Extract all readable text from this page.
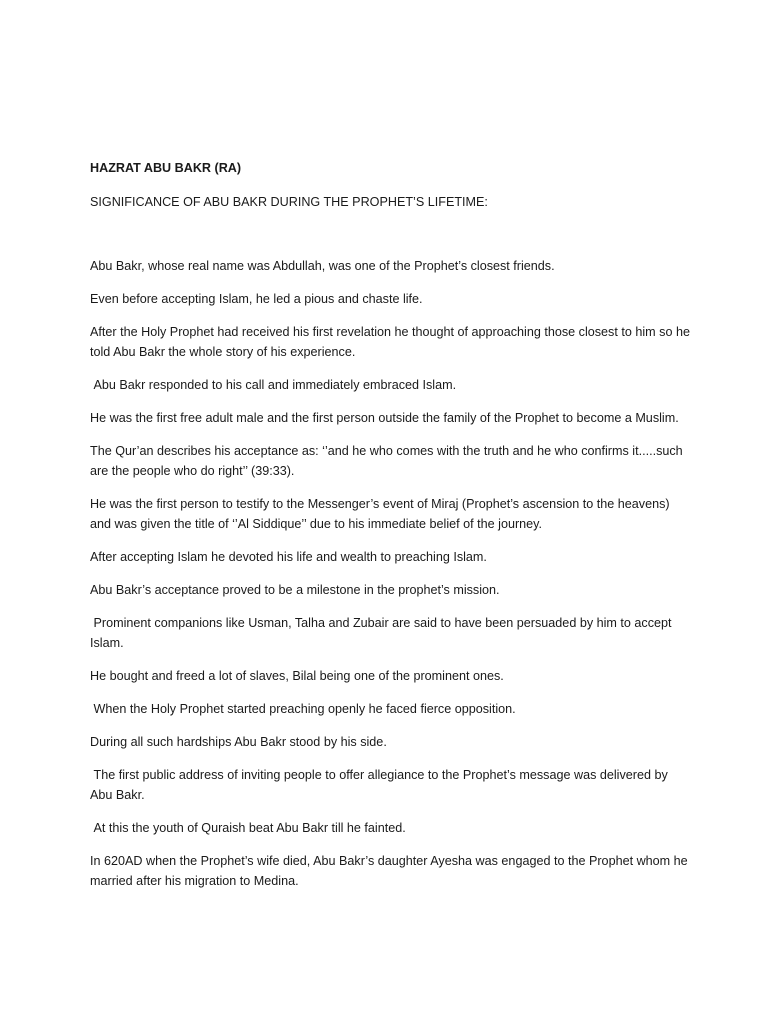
HAZRAT ABU BAKR (RA)
SIGNIFICANCE OF ABU BAKR DURING THE PROPHET’S LIFETIME:

Abu Bakr, whose real name was Abdullah, was one of the Prophet’s closest friends.

Even before accepting Islam, he led a pious and chaste life.

After the Holy Prophet had received his first revelation he thought of approaching those closest to him so he told Abu Bakr the whole story of his experience.

Abu Bakr responded to his call and immediately embraced Islam.

He was the first free adult male and the first person outside the family of the Prophet to become a Muslim.

The Qur’an describes his acceptance as: ‘’and he who comes with the truth and he who confirms it.....such are the people who do right’’ (39:33).

He was the first person to testify to the Messenger’s event of Miraj (Prophet’s ascension to the heavens) and was given the title of ‘’Al Siddique’’ due to his immediate belief of the journey.

After accepting Islam he devoted his life and wealth to preaching Islam.

Abu Bakr’s acceptance proved to be a milestone in the prophet’s mission.

Prominent companions like Usman, Talha and Zubair are said to have been persuaded by him to accept Islam.

He bought and freed a lot of slaves, Bilal being one of the prominent ones.

When the Holy Prophet started preaching openly he faced fierce opposition.

During all such hardships Abu Bakr stood by his side.

The first public address of inviting people to offer allegiance to the Prophet’s message was delivered by Abu Bakr.

At this the youth of Quraish beat Abu Bakr till he fainted.

In 620AD when the Prophet’s wife died, Abu Bakr’s daughter Ayesha was engaged to the Prophet whom he married after his migration to Medina.
